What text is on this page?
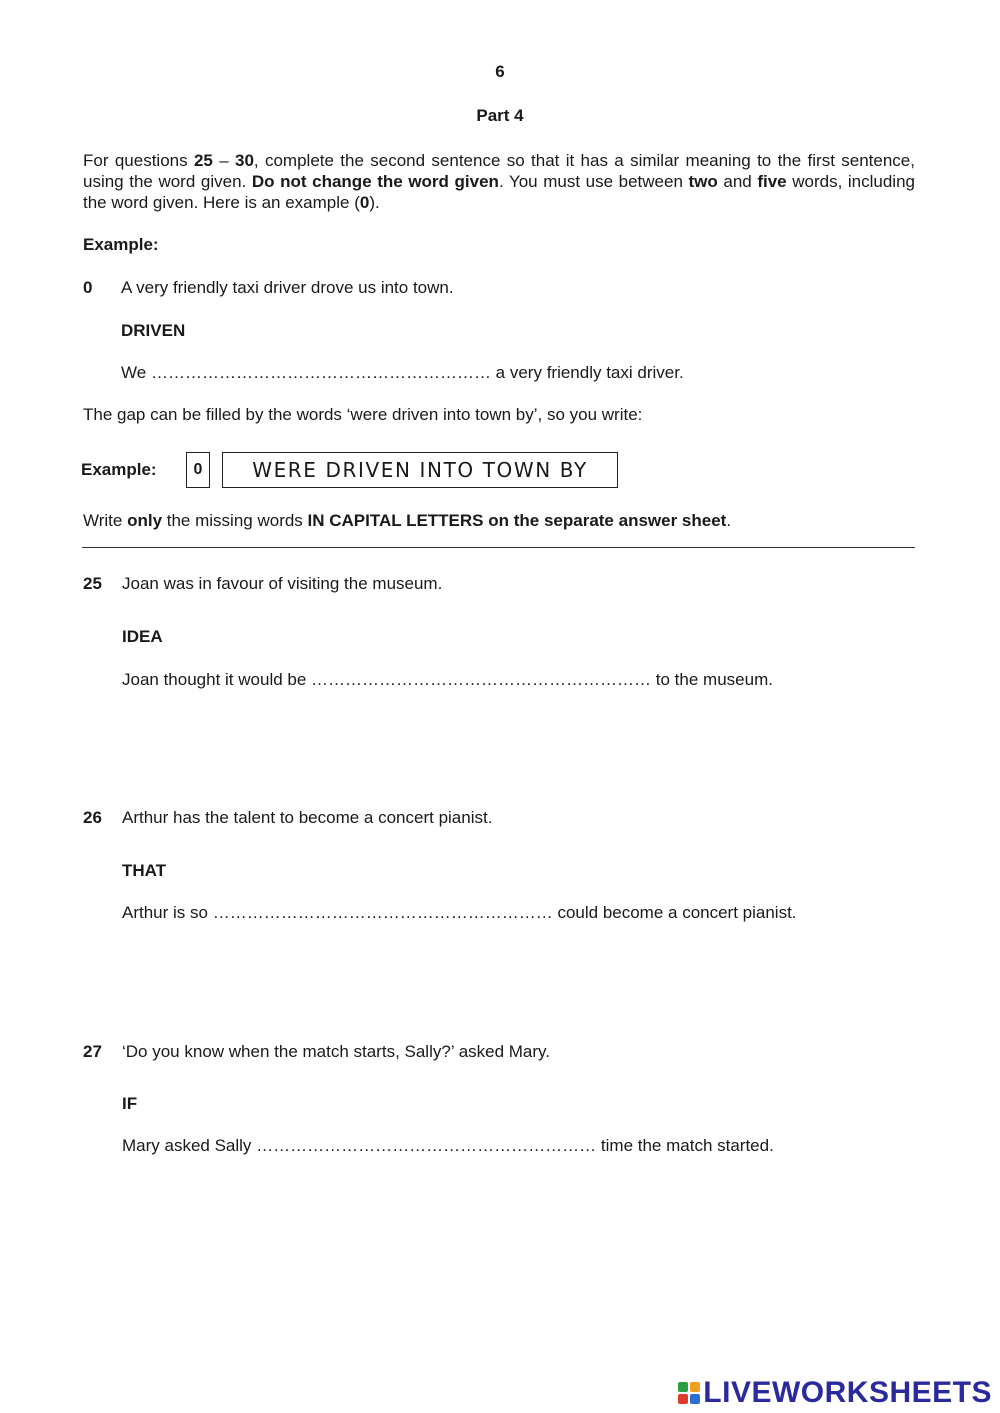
6
Part 4
For questions 25 – 30, complete the second sentence so that it has a similar meaning to the first sentence, using the word given. Do not change the word given. You must use between two and five words, including the word given. Here is an example (0).
Example:
0 A very friendly taxi driver drove us into town.
DRIVEN
We …………………………………………………… a very friendly taxi driver.
The gap can be filled by the words ‘were driven into town by’, so you write:
Example:	0	WERE DRIVEN INTO TOWN BY
Write only the missing words IN CAPITAL LETTERS on the separate answer sheet.
25 Joan was in favour of visiting the museum.
IDEA
Joan thought it would be …………………………………………………… to the museum.
26 Arthur has the talent to become a concert pianist.
THAT
Arthur is so …………………………………………………… could become a concert pianist.
27 ‘Do you know when the match starts, Sally?’ asked Mary.
IF
Mary asked Sally …………………………………………………… time the match started.
LIVEWORKSHEETS
